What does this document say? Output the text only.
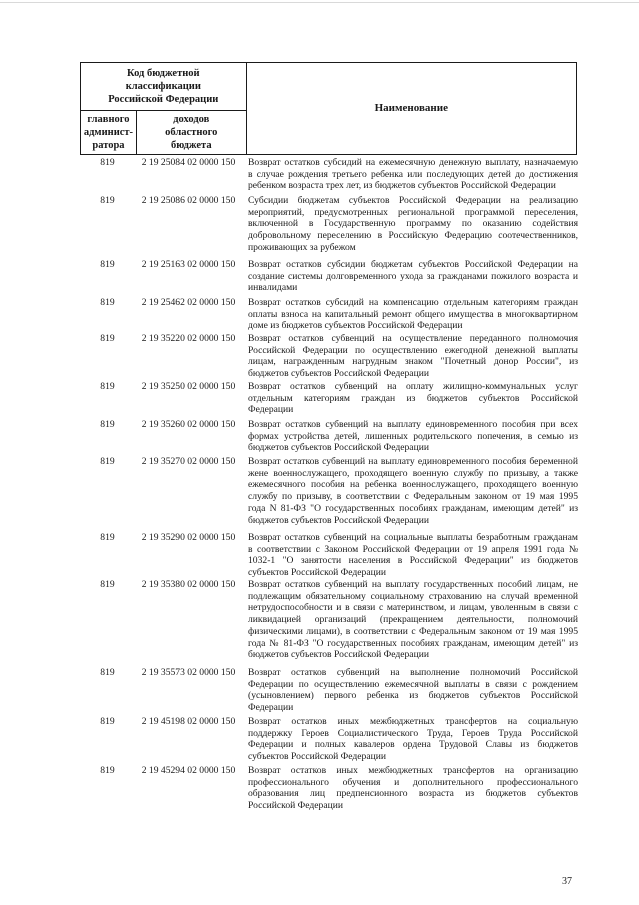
Код бюджетной
классификации
Российской Федерации		Наименование

главного
админист-
ратора	доходов
областного
бюджета	
819	2 19 25084 02 0000 150	Возврат остатков субсидий на ежемесячную денежную выплату, назначаемую
в случае рождения третьего ребенка или последующих детей до достижения
ребенком возраста трех лет, из бюджетов субъектов Российской Федерации
819	2 19 25086 02 0000 150	Субсидии бюджетам субъектов Российской Федерации на реализацию
мероприятий, предусмотренных региональной программой переселения,
включенной в Государственную программу по оказанию содействия
добровольному переселению в Российскую Федерацию соотечественников,
проживающих за рубежом
819	2 19 25163 02 0000 150	Возврат остатков субсидии бюджетам субъектов Российской Федерации на
создание системы долговременного ухода за гражданами пожилого возраста и
инвалидами
819	2 19 25462 02 0000 150	Возврат остатков субсидий на компенсацию отдельным категориям граждан
оплаты взноса на капитальный ремонт общего имущества в многоквартирном
доме из бюджетов субъектов Российской Федерации
819	2 19 35220 02 0000 150	Возврат остатков субвенций на осуществление переданного полномочия
Российской Федерации по осуществлению ежегодной денежной выплаты
лицам, награжденным нагрудным знаком "Почетный донор России", из
бюджетов субъектов Российской Федерации
819	2 19 35250 02 0000 150	Возврат остатков субвенций на оплату жилищно-коммунальных услуг
отдельным категориям граждан из бюджетов субъектов Российской
Федерации
819	2 19 35260 02 0000 150	Возврат остатков субвенций на выплату единовременного пособия при всех
формах устройства детей, лишенных родительского попечения, в семью из
бюджетов субъектов Российской Федерации
819	2 19 35270 02 0000 150	Возврат остатков субвенций на выплату единовременного пособия беременной
жене военнослужащего, проходящего военную службу по призыву, а также
ежемесячного пособия на ребенка военнослужащего, проходящего военную
службу по призыву, в соответствии с Федеральным законом от 19 мая 1995
года N 81-ФЗ "О государственных пособиях гражданам, имеющим детей" из
бюджетов субъектов Российской Федерации
819	2 19 35290 02 0000 150	Возврат остатков субвенций на социальные выплаты безработным гражданам
в соответствии с Законом Российской Федерации от 19 апреля 1991 года №
1032-1 "О занятости населения в Российской Федерации" из бюджетов
субъектов Российской Федерации
819	2 19 35380 02 0000 150	Возврат остатков субвенций на выплату государственных пособий лицам, не
подлежащим обязательному социальному страхованию на случай временной
нетрудоспособности и в связи с материнством, и лицам, уволенным в связи с
ликвидацией организаций (прекращением деятельности, полномочий
физическими лицами), в соответствии с Федеральным законом от 19 мая 1995
года № 81-ФЗ "О государственных пособиях гражданам, имеющим детей" из
бюджетов субъектов Российской Федерации
819	2 19 35573 02 0000 150	Возврат остатков субвенций на выполнение полномочий Российской
Федерации по осуществлению ежемесячной выплаты в связи с рождением
(усыновлением) первого ребенка из бюджетов субъектов Российской
Федерации
819	2 19 45198 02 0000 150	Возврат остатков иных межбюджетных трансфертов на социальную
поддержку Героев Социалистического Труда, Героев Труда Российской
Федерации и полных кавалеров ордена Трудовой Славы из бюджетов
субъектов Российской Федерации
819	2 19 45294 02 0000 150	Возврат остатков иных межбюджетных трансфертов на организацию
профессионального обучения и дополнительного профессионального
образования лиц предпенсионного возраста из бюджетов субъектов
Российской Федерации
37
